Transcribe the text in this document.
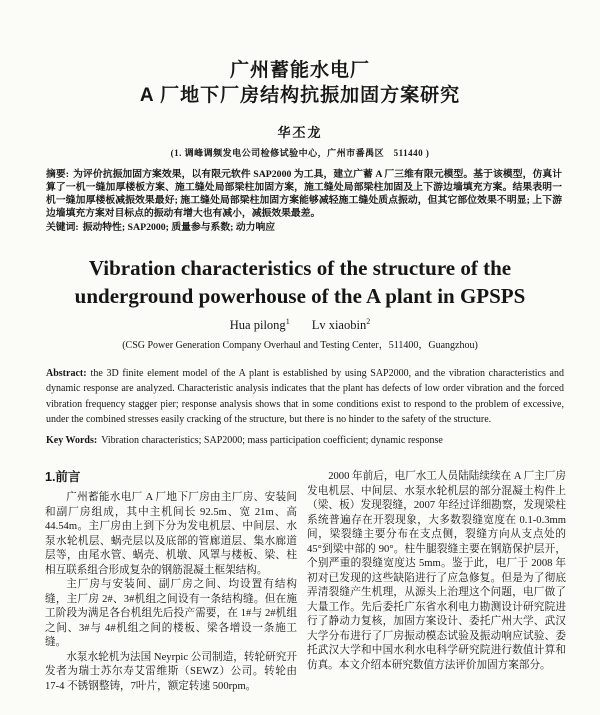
广州蓄能水电厂
A 厂地下厂房结构抗振加固方案研究
华丕龙
(1. 调峰调频发电公司检修试验中心，广州市番禺区　511440 )

摘要: 为评价抗振加固方案效果，以有限元软件 SAP2000 为工具，建立广蓄 A 厂三维有限元模型。基于该模型，仿真计算了一机一缝加厚楼板方案、施工缝处局部梁柱加固方案，施工缝处局部梁柱加固及上下游边墙填充方案。结果表明一机一缝加厚楼板减振效果最好; 施工缝处局部梁柱加固方案能够减轻施工缝处质点振动，但其它部位效果不明显; 上下游边墙填充方案对目标点的振动有增大也有减小，减振效果最差。

关键词: 振动特性; SAP2000; 质量参与系数; 动力响应

Vibration characteristics of the structure of the
underground powerhouse of the A plant in GPSPS
Hua pilong$^1$ Lv xiaobin$^2$
(CSG Power Generation Company Overhaul and Testing Center，511400，Guangzhou)

Abstract: the 3D finite element model of the A plant is established by using SAP2000, and the vibration characteristics and dynamic response are analyzed. Characteristic analysis indicates that the plant has defects of low order vibration and the forced vibration frequency stagger pier; response analysis shows that in some conditions exist to respond to the problem of excessive, under the combined stresses easily cracking of the structure, but there is no hinder to the safety of the structure.

Key Words: Vibration characteristics; SAP2000; mass participation coefficient; dynamic response

1.前言

广州蓄能水电厂 A 厂地下厂房由主厂房、安装间和副厂房组成，其中主机间长 92.5m、宽 21m、高 44.54m。主厂房由上到下分为发电机层、中间层、水泵水轮机层、蜗壳层以及底部的管廊道层、集水廊道层等，由尾水管、蜗壳、机墩、风罩与楼板、梁、柱相互联系组合形成复杂的钢筋混凝土框架结构。

主厂房与安装间、副厂房之间、均设置有结构缝，主厂房 2#、3#机组之间设有一条结构缝。但在施工阶段为满足各台机组先后投产需要，在 1#与 2#机组之间、3#与 4#机组之间的楼板、梁各增设一条施工缝。

水泵水轮机为法国 Neyrpic 公司制造，转轮研究开发者为瑞士苏尔寿艾雷维斯（SEWZ）公司。转轮由 17-4 不锈钢整铸，7叶片，额定转速 500rpm。

2000 年前后，电厂水工人员陆陆续续在 A 厂主厂房发电机层、中间层、水泵水轮机层的部分混凝土构件上（梁、板）发现裂缝，2007 年经过详细勘察，发现梁柱系统普遍存在开裂现象，大多数裂缝宽度在 0.1-0.3mm 间，梁裂缝主要分布在支点侧，裂缝方向从支点处的 45°到梁中部的 90°。柱牛腿裂缝主要在钢筋保护层开，个别严重的裂缝宽度达 5mm。鉴于此，电厂于 2008 年初对已发现的这些缺陷进行了应急修复。但是为了彻底弄清裂缝产生机理，从源头上治理这个问题，电厂做了大量工作。先后委托广东省水利电力勘测设计研究院进行了静动力复核，加固方案设计、委托广州大学、武汉大学分布进行了厂房振动模态试验及振动响应试验、委托武汉大学和中国水利水电科学研究院进行数值计算和仿真。本文介绍本研究数值方法评价加固方案部分。
